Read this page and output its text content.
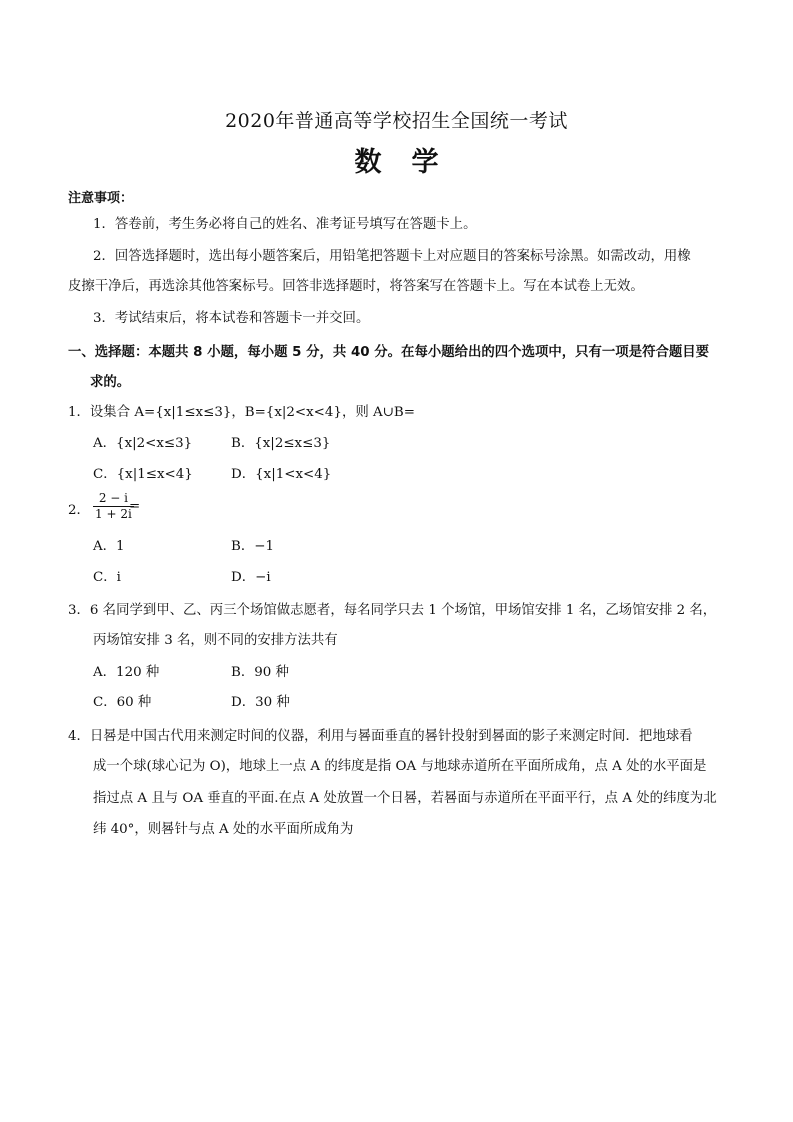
2020年普通高等学校招生全国统一考试
数学
注意事项：
1．答卷前，考生务必将自己的姓名、准考证号填写在答题卡上。
2．回答选择题时，选出每小题答案后，用铅笔把答题卡上对应题目的答案标号涂黑。如需改动，用橡
皮擦干净后，再选涂其他答案标号。回答非选择题时，将答案写在答题卡上。写在本试卷上无效。
3．考试结束后，将本试卷和答题卡一并交回。
一、选择题：本题共 8 小题，每小题 5 分，共 40 分。在每小题给出的四个选项中，只有一项是符合题目要
求的。
1．设集合 A={x|1≤x≤3}，B={x|2<x<4}，则 A∪B=
A．{x|2<x≤3}	B．{x|2≤x≤3}
C．{x|1≤x<4}	D．{x|1<x<4}
2． $\frac{2 - i}{1 + 2i}$
=
A．1	B．−1
C．i	D．−i
3．6 名同学到甲、乙、丙三个场馆做志愿者，每名同学只去 1 个场馆，甲场馆安排 1 名，乙场馆安排 2 名，
丙场馆安排 3 名，则不同的安排方法共有
A．120 种	B．90 种
C．60 种	D．30 种
4．日晷是中国古代用来测定时间的仪器，利用与晷面垂直的晷针投射到晷面的影子来测定时间．把地球看
成一个球(球心记为 O)，地球上一点 A 的纬度是指 OA 与地球赤道所在平面所成角，点 A 处的水平面是
指过点 A 且与 OA 垂直的平面.在点 A 处放置一个日晷，若晷面与赤道所在平面平行，点 A 处的纬度为北
纬 40°，则晷针与点 A 处的水平面所成角为
